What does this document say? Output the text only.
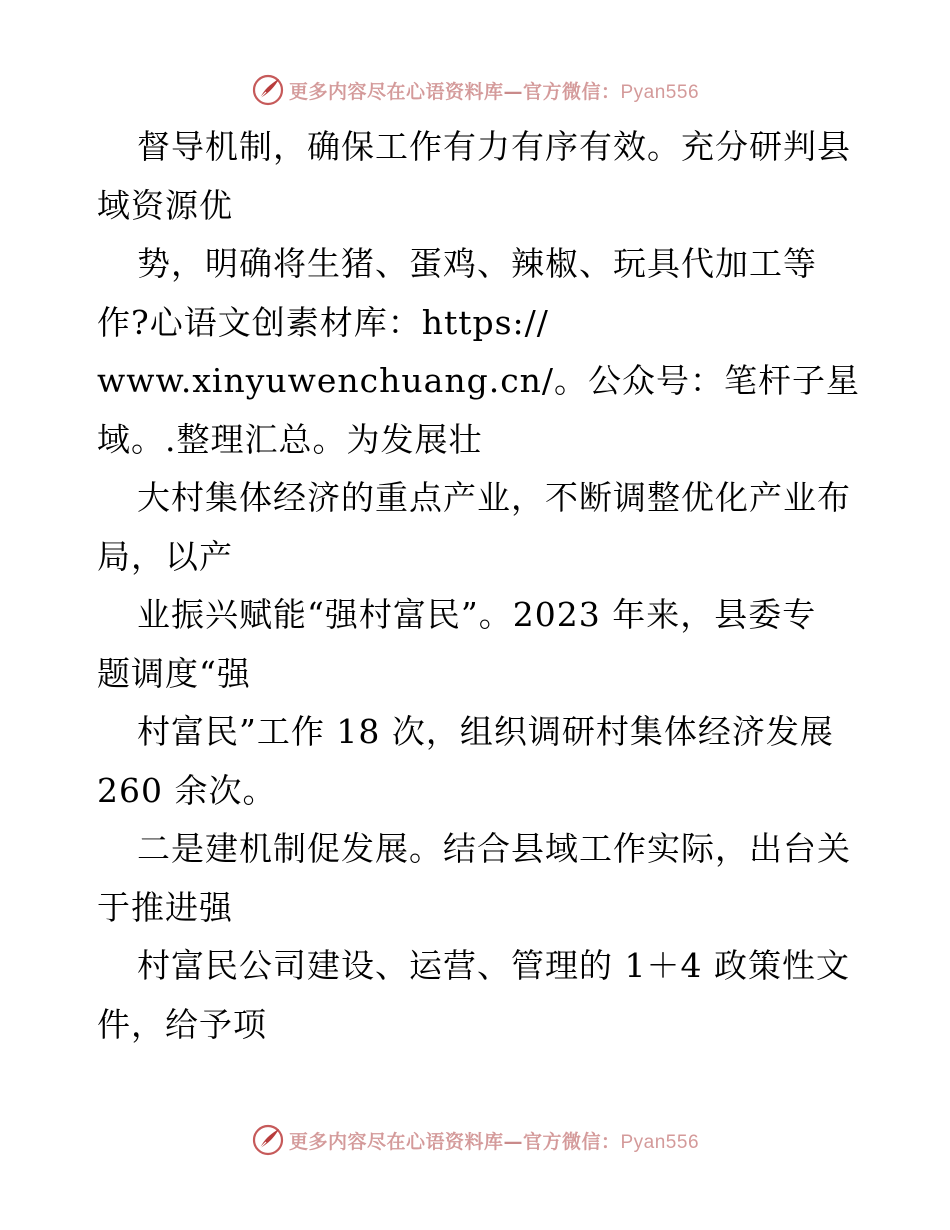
更多内容尽在心语资料库—官方微信：Pyan556
督导机制，确保工作有力有序有效。充分研判县
域资源优
势，明确将生猪、蛋鸡、辣椒、玩具代加工等
作?心语文创素材库：https://
www.xinyuwenchuang.cn/。公众号：笔杆子星
域。.整理汇总。为发展壮
大村集体经济的重点产业，不断调整优化产业布
局，以产
业振兴赋能“强村富民”。2023 年来，县委专
题调度“强
村富民”工作 18 次，组织调研村集体经济发展
260 余次。
二是建机制促发展。结合县域工作实际，出台关
于推进强
村富民公司建设、运营、管理的 1＋4 政策性文
件，给予项
更多内容尽在心语资料库—官方微信：Pyan556
